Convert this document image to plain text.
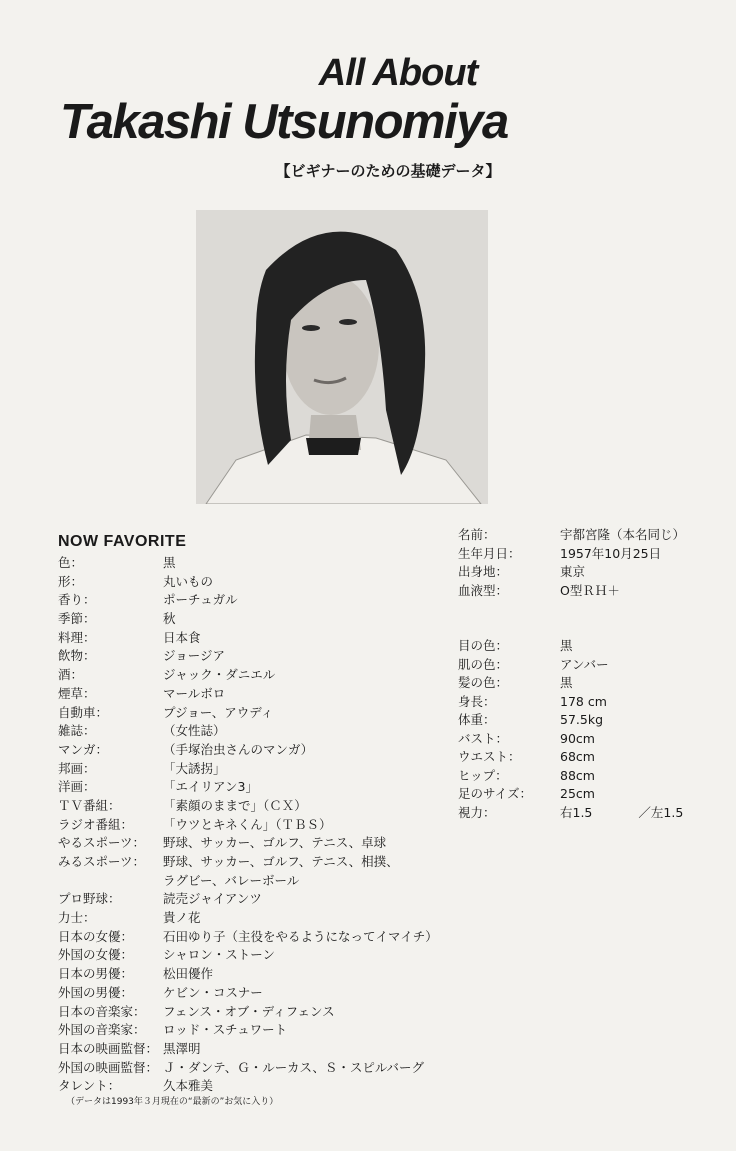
All About
Takashi Utsunomiya
【ビギナーのための基礎データ】
NOW FAVORITE
色：	黒
形：	丸いもの
香り：	ポーチュガル
季節：	秋
料理：	日本食
飲物：	ジョージア
酒：	ジャック・ダニエル
煙草：	マールボロ
自動車：	プジョー、アウディ
雑誌：	（女性誌）
マンガ：	（手塚治虫さんのマンガ）
邦画：	「大誘拐」
洋画：	「エイリアン3」
ＴＶ番組：	「素顔のままで」（ＣＸ）
ラジオ番組：	「ウツとキネくん」（ＴＢＳ）
やるスポーツ：	野球、サッカー、ゴルフ、テニス、卓球
みるスポーツ：	野球、サッカー、ゴルフ、テニス、相撲、
ラグビー、バレーボール
プロ野球：	読売ジャイアンツ
力士：	貴ノ花
日本の女優：	石田ゆり子（主役をやるようになってイマイチ）
外国の女優：	シャロン・ストーン
日本の男優：	松田優作
外国の男優：	ケビン・コスナー
日本の音楽家：	フェンス・オブ・ディフェンス
外国の音楽家：	ロッド・スチュワート
日本の映画監督： 黒澤明
外国の映画監督： Ｊ・ダンテ、Ｇ・ルーカス、Ｓ・スピルバーグ
タレント：	久本雅美
名前：	宇都宮隆（本名同じ）
生年月日：	1957年10月25日
出身地：	東京
血液型：	O型ＲＨ＋
目の色：	黒
肌の色：	アンバー
髪の色：	黒
身長：	178 cm
体重：	57.5kg
バスト：	90cm
ウエスト：	68cm
ヒップ：	88cm
足のサイズ：	25cm
視力：	右1.5	／左1.5
（データは1993年３月現在の“最新の”お気に入り）
